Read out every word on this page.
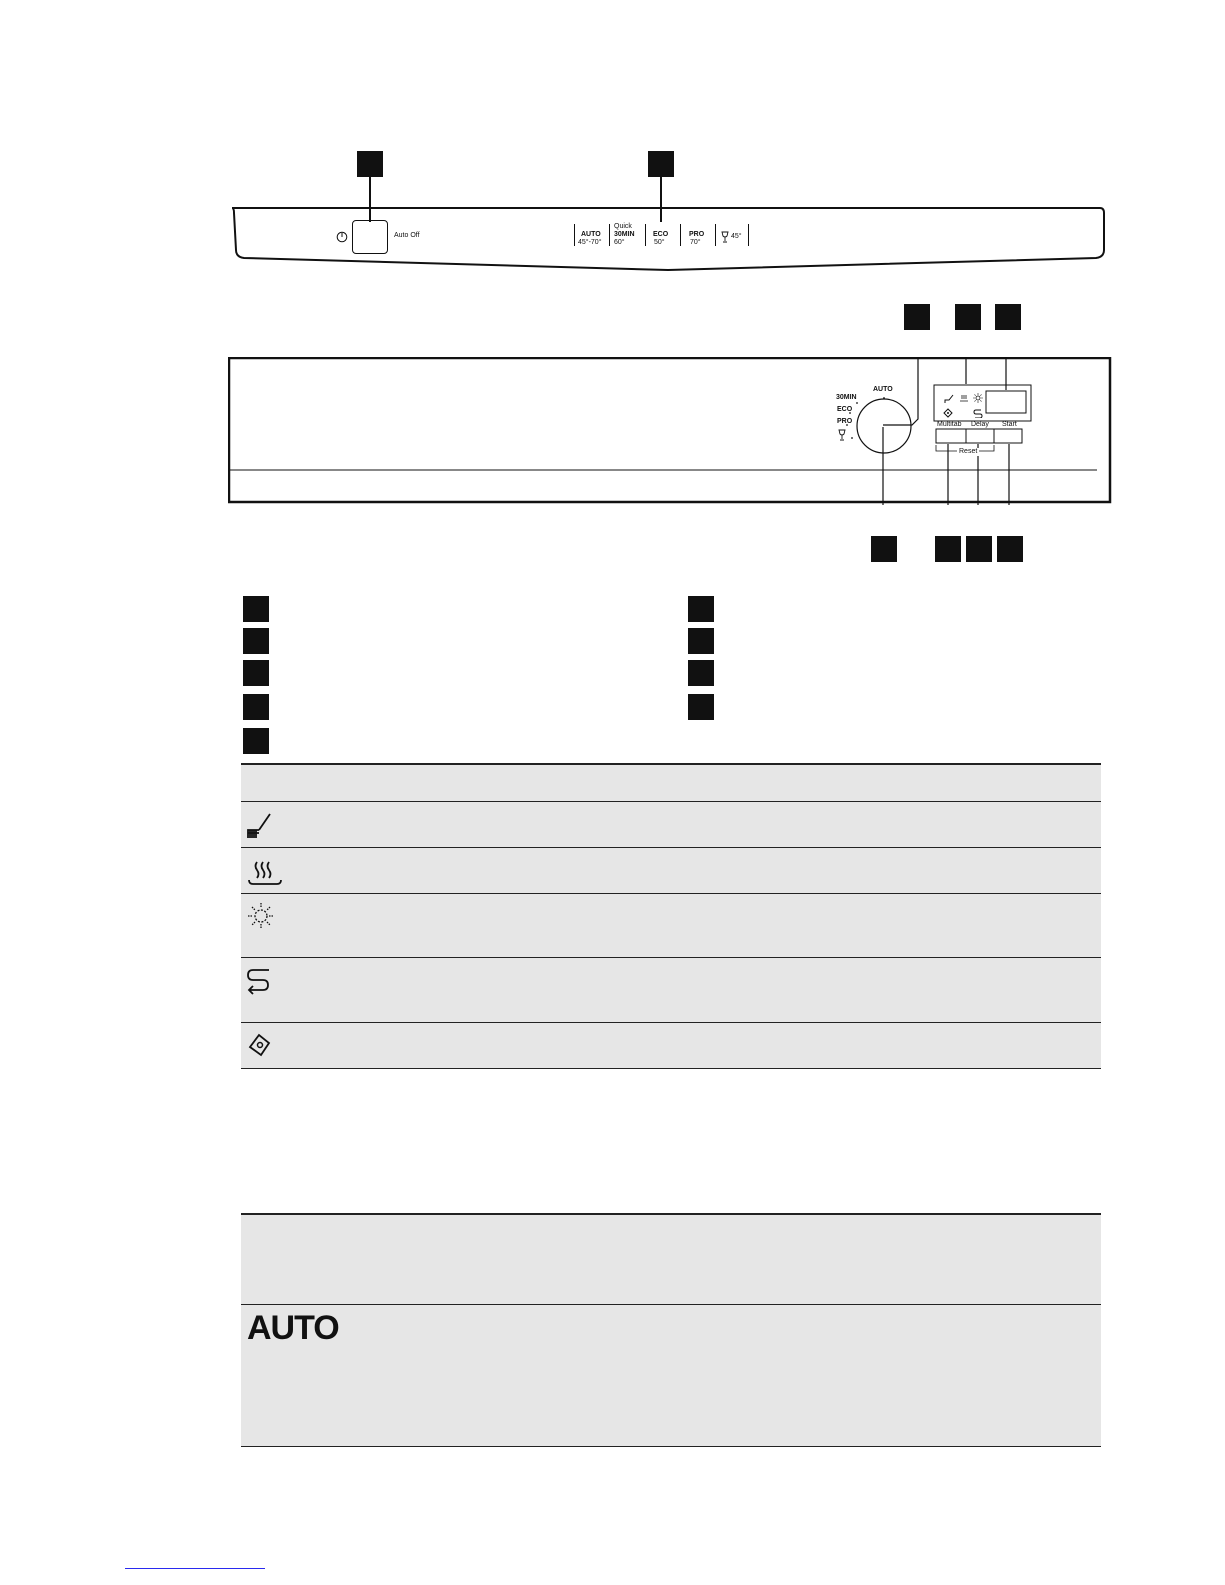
Auto Off	AUTO
45°-70°
Quick
30MIN
60°
ECO
50°
PRO
70°
45°
AUTO
30MIN
ECO
PRO	Multitab Delay Start
Reset
AUTO
